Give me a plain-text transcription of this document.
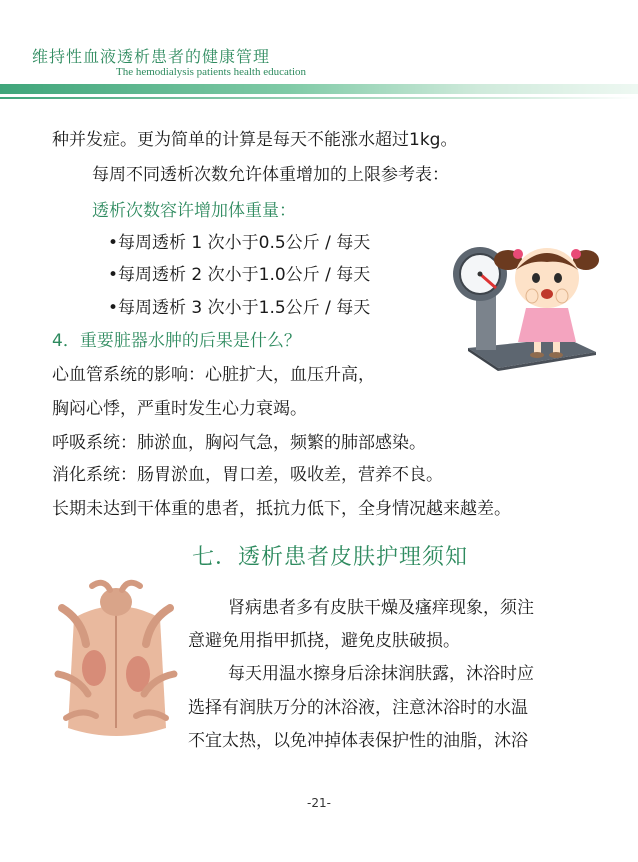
维持性血液透析患者的健康管理
The hemodialysis patients health education
种并发症。更为简单的计算是每天不能涨水超过1kg。
每周不同透析次数允许体重增加的上限参考表：
透析次数容许增加体重量：
•每周透析 1 次小于0.5公斤 / 每天
•每周透析 2 次小于1.0公斤 / 每天
•每周透析 3 次小于1.5公斤 / 每天
4．重要脏器水肿的后果是什么？
心血管系统的影响：心脏扩大，血压升高，
胸闷心悸，严重时发生心力衰竭。
呼吸系统：肺淤血，胸闷气急，频繁的肺部感染。
消化系统：肠胃淤血，胃口差，吸收差，营养不良。
长期未达到干体重的患者，抵抗力低下，全身情况越来越差。
七．透析患者皮肤护理须知
肾病患者多有皮肤干燥及瘙痒现象，须注
意避免用指甲抓挠，避免皮肤破损。
每天用温水擦身后涂抹润肤露，沐浴时应
选择有润肤万分的沐浴液，注意沐浴时的水温
不宜太热，以免冲掉体表保护性的油脂，沐浴
-21-
